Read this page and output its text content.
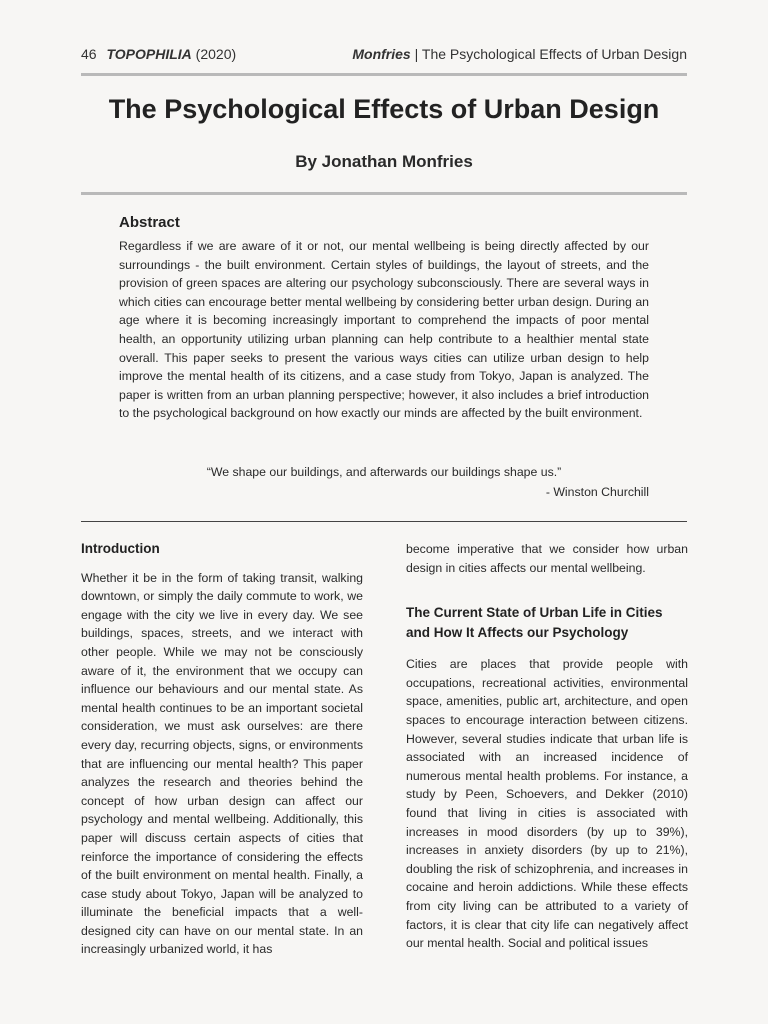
46 TOPOPHILIA (2020)	Monfries | The Psychological Effects of Urban Design
The Psychological Effects of Urban Design
By Jonathan Monfries
Abstract

Regardless if we are aware of it or not, our mental wellbeing is being directly affected by our surroundings - the built environment. Certain styles of buildings, the layout of streets, and the provision of green spaces are altering our psychology subconsciously. There are several ways in which cities can encourage better mental wellbeing by considering better urban design. During an age where it is becoming increasingly important to comprehend the impacts of poor mental health, an opportunity utilizing urban planning can help contribute to a healthier mental state overall. This paper seeks to present the various ways cities can utilize urban design to help improve the mental health of its citizens, and a case study from Tokyo, Japan is analyzed. The paper is written from an urban planning perspective; however, it also includes a brief introduction to the psychological background on how exactly our minds are affected by the built environment.

“We shape our buildings, and afterwards our buildings shape us.”
- Winston Churchill
Introduction

Whether it be in the form of taking transit, walking downtown, or simply the daily commute to work, we engage with the city we live in every day. We see buildings, spaces, streets, and we interact with other people. While we may not be consciously aware of it, the environment that we occupy can influence our behaviours and our mental state. As mental health continues to be an important societal consideration, we must ask ourselves: are there every day, recurring objects, signs, or environments that are influencing our mental health? This paper analyzes the research and theories behind the concept of how urban design can affect our psychology and mental wellbeing. Additionally, this paper will discuss certain aspects of cities that reinforce the importance of considering the effects of the built environment on mental health. Finally, a case study about Tokyo, Japan will be analyzed to illuminate the beneficial impacts that a well-designed city can have on our mental state. In an increasingly urbanized world, it has

become imperative that we consider how urban design in cities affects our mental wellbeing.

The Current State of Urban Life in Cities
and How It Affects our Psychology

Cities are places that provide people with occupations, recreational activities, environmental space, amenities, public art, architecture, and open spaces to encourage interaction between citizens. However, several studies indicate that urban life is associated with an increased incidence of numerous mental health problems. For instance, a study by Peen, Schoevers, and Dekker (2010) found that living in cities is associated with increases in mood disorders (by up to 39%), increases in anxiety disorders (by up to 21%), doubling the risk of schizophrenia, and increases in cocaine and heroin addictions. While these effects from city living can be attributed to a variety of factors, it is clear that city life can negatively affect our mental health. Social and political issues
